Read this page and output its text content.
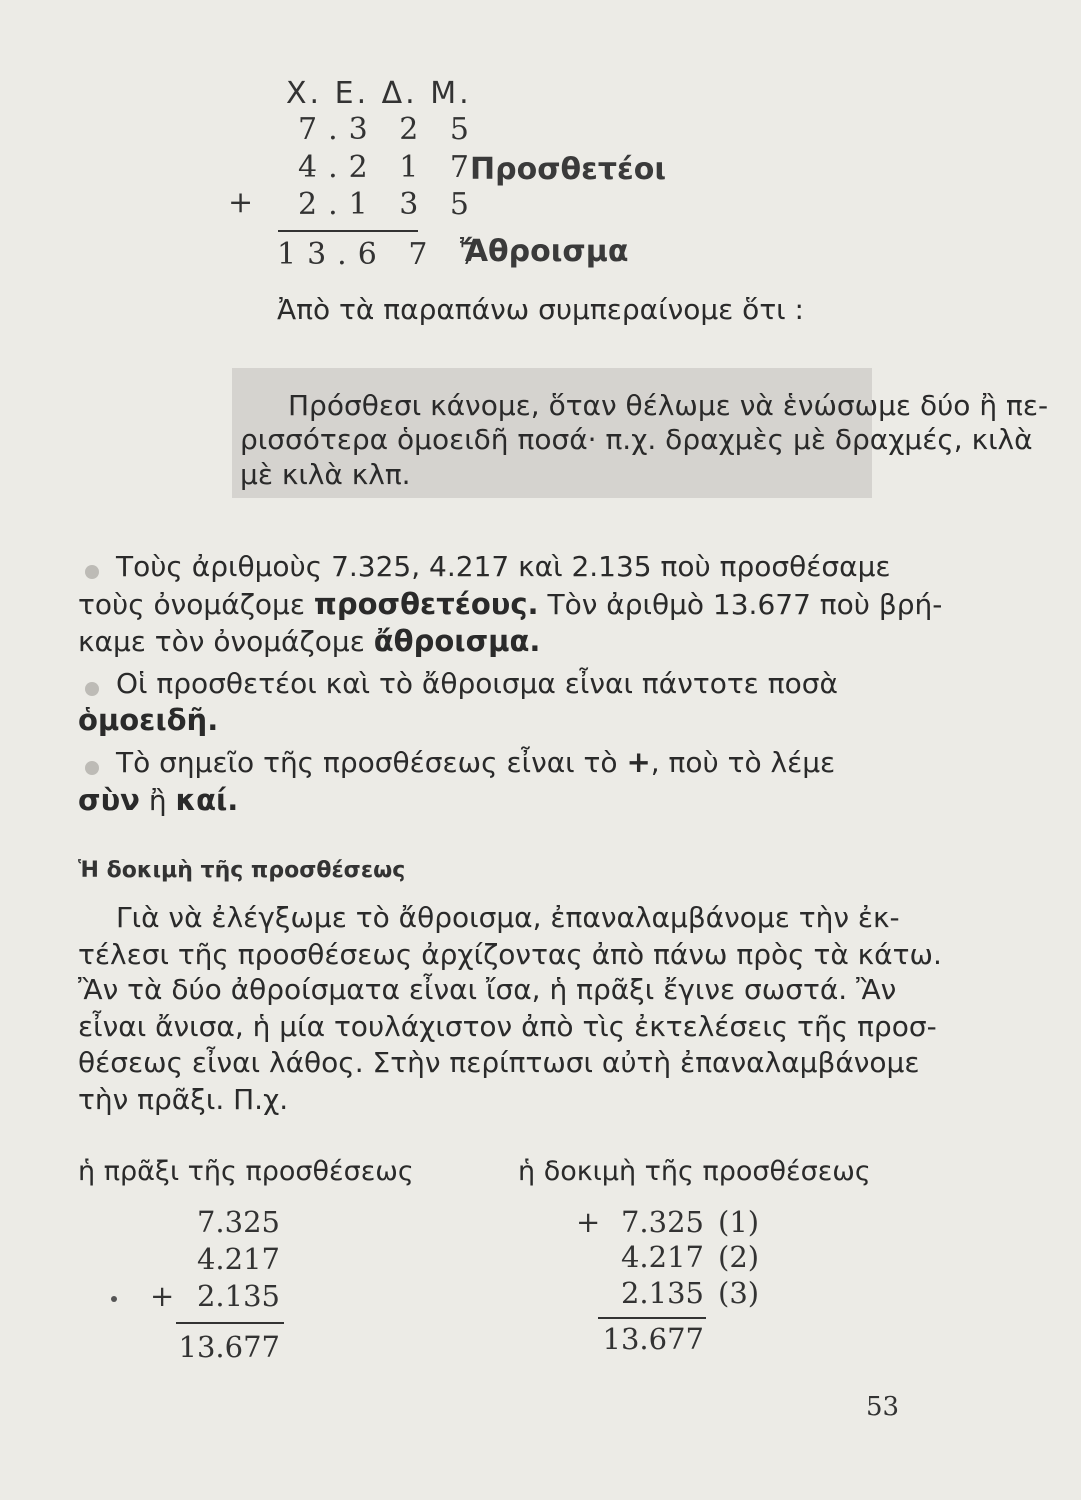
Χ. Ε. Δ. Μ.
7.3 2 5
4.2 1 7
2.1 3 5
+
13.6 7 7
Προσθετέοι
Ἄθροισμα
Ἀπὸ τὰ παραπάνω συμπεραίνομε ὅτι :
Πρόσθεσι κάνομε, ὅταν θέλωμε νὰ ἑνώσωμε δύο ἢ πε-
ρισσότερα ὁμοειδῆ ποσά· π.χ. δραχμὲς μὲ δραχμές, κιλὰ
μὲ κιλὰ κλπ.
Τοὺς ἀριθμοὺς 7.325, 4.217 καὶ 2.135 ποὺ προσθέσαμε
τοὺς ὀνομάζομε προσθετέους. Τὸν ἀριθμὸ 13.677 ποὺ βρή-
καμε τὸν ὀνομάζομε ἄθροισμα.
Οἱ προσθετέοι καὶ τὸ ἄθροισμα εἶναι πάντοτε ποσὰ
ὁμοειδῆ.
Τὸ σημεῖο τῆς προσθέσεως εἶναι τὸ +, ποὺ τὸ λέμε
σὺν ἢ καί.
Ἡ δοκιμὴ τῆς προσθέσεως
Γιὰ νὰ ἐλέγξωμε τὸ ἄθροισμα, ἐπαναλαμβάνομε τὴν ἐκ-
τέλεσι τῆς προσθέσεως ἀρχίζοντας ἀπὸ πάνω πρὸς τὰ κάτω.
Ἂν τὰ δύο ἀθροίσματα εἶναι ἴσα, ἡ πρᾶξι ἔγινε σωστά. Ἂν
εἶναι ἄνισα, ἡ μία τουλάχιστον ἀπὸ τὶς ἐκτελέσεις τῆς προσ-
θέσεως εἶναι λάθος. Στὴν περίπτωσι αὐτὴ ἐπαναλαμβάνομε
τὴν πρᾶξι. Π.χ.
ἡ πρᾶξι τῆς προσθέσεως
7.325
4.217
2.135
+
13.677
ἡ δοκιμὴ τῆς προσθέσεως
+ 7.325
4.217
2.135
(1)
(2)
(3)
13.677
53
